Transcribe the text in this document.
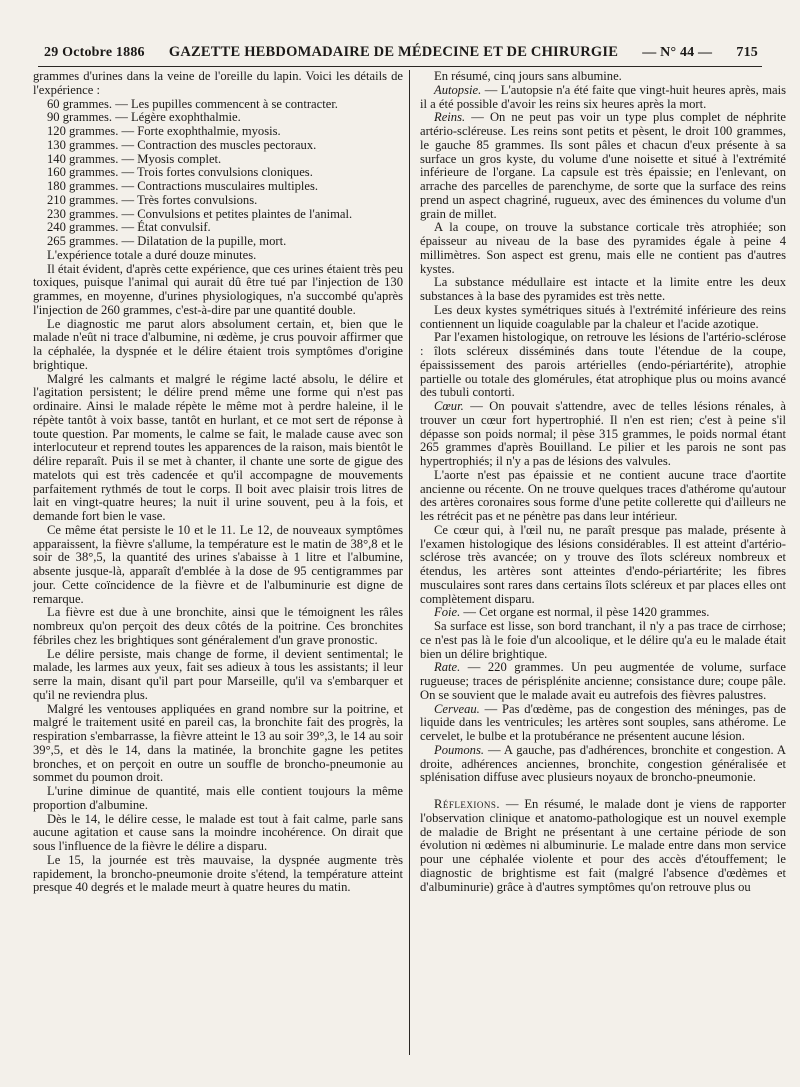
29 Octobre 1886 GAZETTE HEBDOMADAIRE DE MÉDECINE ET DE CHIRURGIE — N° 44 — 715

grammes d'urines dans la veine de l'oreille du lapin. Voici les détails de l'expérience :

60 grammes. — Les pupilles commencent à se contracter.

90 grammes. — Légère exophthalmie.

120 grammes. — Forte exophthalmie, myosis.

130 grammes. — Contraction des muscles pectoraux.

140 grammes. — Myosis complet.

160 grammes. — Trois fortes convulsions cloniques.

180 grammes. — Contractions musculaires multiples.

210 grammes. — Très fortes convulsions.

230 grammes. — Convulsions et petites plaintes de l'animal.

240 grammes. — État convulsif.

265 grammes. — Dilatation de la pupille, mort.

L'expérience totale a duré douze minutes.

Il était évident, d'après cette expérience, que ces urines étaient très peu toxiques, puisque l'animal qui aurait dû être tué par l'injection de 130 grammes, en moyenne, d'urines physiologiques, n'a succombé qu'après l'injection de 260 grammes, c'est-à-dire par une quantité double.

Le diagnostic me parut alors absolument certain, et, bien que le malade n'eût ni trace d'albumine, ni œdème, je crus pouvoir affirmer que la céphalée, la dyspnée et le délire étaient trois symptômes d'origine brightique.

Malgré les calmants et malgré le régime lacté absolu, le délire et l'agitation persistent; le délire prend même une forme qui n'est pas ordinaire. Ainsi le malade répète le même mot à perdre haleine, il le répète tantôt à voix basse, tantôt en hurlant, et ce mot sert de réponse à toute question. Par moments, le calme se fait, le malade cause avec son interlocuteur et reprend toutes les apparences de la raison, mais bientôt le délire reparaît. Puis il se met à chanter, il chante une sorte de gigue des matelots qui est très cadencée et qu'il accompagne de mouvements parfaitement rythmés de tout le corps. Il boit avec plaisir trois litres de lait en vingt-quatre heures; la nuit il urine souvent, peu à la fois, et demande fort bien le vase.

Ce même état persiste le 10 et le 11. Le 12, de nouveaux symptômes apparaissent, la fièvre s'allume, la température est le matin de 38°,8 et le soir de 38°,5, la quantité des urines s'abaisse à 1 litre et l'albumine, absente jusque-là, apparaît d'emblée à la dose de 95 centigrammes par jour. Cette coïncidence de la fièvre et de l'albuminurie est digne de remarque.

La fièvre est due à une bronchite, ainsi que le témoignent les râles nombreux qu'on perçoit des deux côtés de la poitrine. Ces bronchites fébriles chez les brightiques sont généralement d'un grave pronostic.

Le délire persiste, mais change de forme, il devient sentimental; le malade, les larmes aux yeux, fait ses adieux à tous les assistants; il leur serre la main, disant qu'il part pour Marseille, qu'il va s'embarquer et qu'il ne reviendra plus.

Malgré les ventouses appliquées en grand nombre sur la poitrine, et malgré le traitement usité en pareil cas, la bronchite fait des progrès, la respiration s'embarrasse, la fièvre atteint le 13 au soir 39°,3, le 14 au soir 39°,5, et dès le 14, dans la matinée, la bronchite gagne les petites bronches, et on perçoit en outre un souffle de broncho-pneumonie au sommet du poumon droit.

L'urine diminue de quantité, mais elle contient toujours la même proportion d'albumine.

Dès le 14, le délire cesse, le malade est tout à fait calme, parle sans aucune agitation et cause sans la moindre incohérence. On dirait que sous l'influence de la fièvre le délire a disparu.

Le 15, la journée est très mauvaise, la dyspnée augmente très rapidement, la broncho-pneumonie droite s'étend, la température atteint presque 40 degrés et le malade meurt à quatre heures du matin.

En résumé, cinq jours sans albumine.

Autopsie. — L'autopsie n'a été faite que vingt-huit heures après, mais il a été possible d'avoir les reins six heures après la mort.

Reins. — On ne peut pas voir un type plus complet de néphrite artério-scléreuse. Les reins sont petits et pèsent, le droit 100 grammes, le gauche 85 grammes. Ils sont pâles et chacun d'eux présente à sa surface un gros kyste, du volume d'une noisette et situé à l'extrémité inférieure de l'organe. La capsule est très épaissie; en l'enlevant, on arrache des parcelles de parenchyme, de sorte que la surface des reins prend un aspect chagriné, rugueux, avec des éminences du volume d'un grain de millet.

A la coupe, on trouve la substance corticale très atrophiée; son épaisseur au niveau de la base des pyramides égale à peine 4 millimètres. Son aspect est grenu, mais elle ne contient pas d'autres kystes.

La substance médullaire est intacte et la limite entre les deux substances à la base des pyramides est très nette.

Les deux kystes symétriques situés à l'extrémité inférieure des reins contiennent un liquide coagulable par la chaleur et l'acide azotique.

Par l'examen histologique, on retrouve les lésions de l'artério-sclérose : îlots scléreux disséminés dans toute l'étendue de la coupe, épaississement des parois artérielles (endo-périartérite), atrophie partielle ou totale des glomérules, état atrophique plus ou moins avancé des tubuli contorti.

Cœur. — On pouvait s'attendre, avec de telles lésions rénales, à trouver un cœur fort hypertrophié. Il n'en est rien; c'est à peine s'il dépasse son poids normal; il pèse 315 grammes, le poids normal étant 265 grammes d'après Bouilland. Le pilier et les parois ne sont pas hypertrophiés; il n'y a pas de lésions des valvules.

L'aorte n'est pas épaissie et ne contient aucune trace d'aortite ancienne ou récente. On ne trouve quelques traces d'athérome qu'autour des artères coronaires sous forme d'une petite collerette qui d'ailleurs ne les rétrécit pas et ne pénètre pas dans leur intérieur.

Ce cœur qui, à l'œil nu, ne paraît presque pas malade, présente à l'examen histologique des lésions considérables. Il est atteint d'artério-sclérose très avancée; on y trouve des îlots scléreux nombreux et étendus, les artères sont atteintes d'endo-périartérite; les fibres musculaires sont rares dans certains îlots scléreux et par places elles ont complètement disparu.

Foie. — Cet organe est normal, il pèse 1420 grammes.

Sa surface est lisse, son bord tranchant, il n'y a pas trace de cirrhose; ce n'est pas là le foie d'un alcoolique, et le délire qu'a eu le malade était bien un délire brightique.

Rate. — 220 grammes. Un peu augmentée de volume, surface rugueuse; traces de périsplénite ancienne; consistance dure; coupe pâle. On se souvient que le malade avait eu autrefois des fièvres palustres.

Cerveau. — Pas d'œdème, pas de congestion des méninges, pas de liquide dans les ventricules; les artères sont souples, sans athérome. Le cervelet, le bulbe et la protubérance ne présentent aucune lésion.

Poumons. — A gauche, pas d'adhérences, bronchite et congestion. A droite, adhérences anciennes, bronchite, congestion généralisée et splénisation diffuse avec plusieurs noyaux de broncho-pneumonie.

Réflexions. — En résumé, le malade dont je viens de rapporter l'observation clinique et anatomo-pathologique est un nouvel exemple de maladie de Bright ne présentant à une certaine période de son évolution ni œdèmes ni albuminurie. Le malade entre dans mon service pour une céphalée violente et pour des accès d'étouffement; le diagnostic de brightisme est fait (malgré l'absence d'œdèmes et d'albuminurie) grâce à d'autres symptômes qu'on retrouve plus ou
